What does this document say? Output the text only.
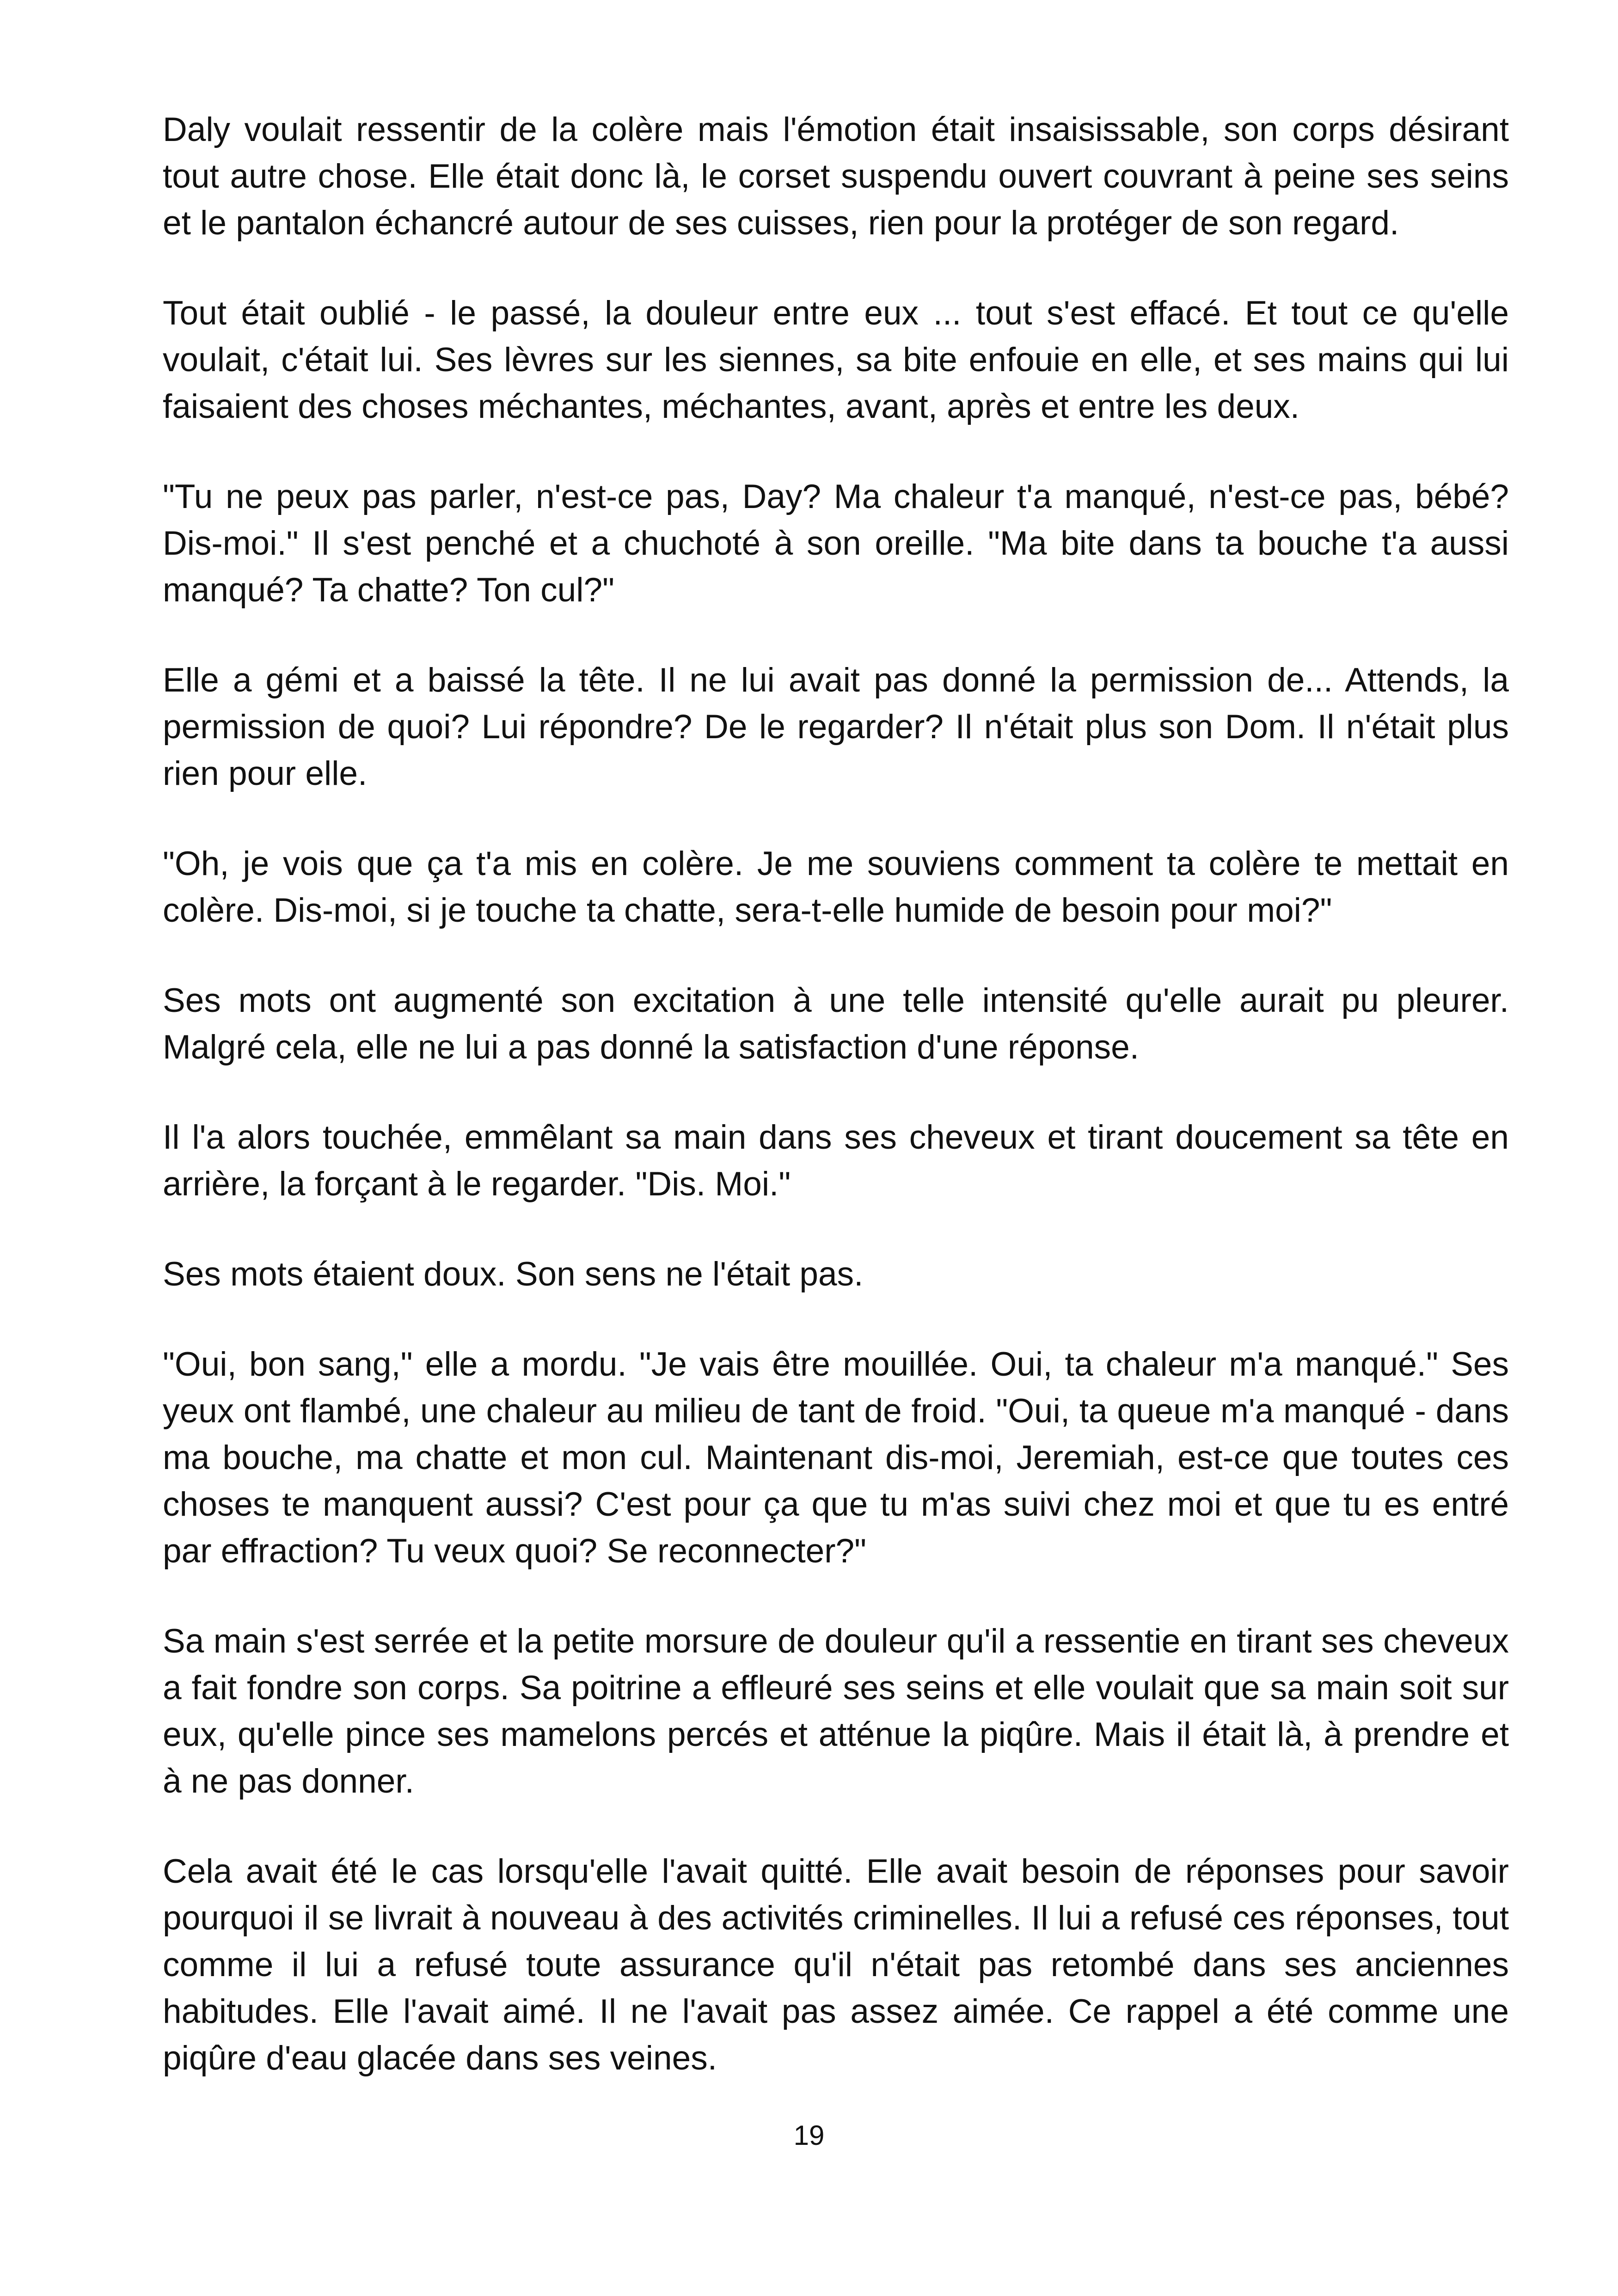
Daly voulait ressentir de la colère mais l'émotion était insaisissable, son corps désirant tout autre chose. Elle était donc là, le corset suspendu ouvert couvrant à peine ses seins et le pantalon échancré autour de ses cuisses, rien pour la protéger de son regard.

Tout était oublié - le passé, la douleur entre eux ... tout s'est effacé. Et tout ce qu'elle voulait, c'était lui. Ses lèvres sur les siennes, sa bite enfouie en elle, et ses mains qui lui faisaient des choses méchantes, méchantes, avant, après et entre les deux.

"Tu ne peux pas parler, n'est-ce pas, Day? Ma chaleur t'a manqué, n'est-ce pas, bébé? Dis-moi." Il s'est penché et a chuchoté à son oreille. "Ma bite dans ta bouche t'a aussi manqué? Ta chatte? Ton cul?"

Elle a gémi et a baissé la tête. Il ne lui avait pas donné la permission de... Attends, la permission de quoi? Lui répondre? De le regarder? Il n'était plus son Dom. Il n'était plus rien pour elle.

"Oh, je vois que ça t'a mis en colère. Je me souviens comment ta colère te mettait en colère. Dis-moi, si je touche ta chatte, sera-t-elle humide de besoin pour moi?"

Ses mots ont augmenté son excitation à une telle intensité qu'elle aurait pu pleurer. Malgré cela, elle ne lui a pas donné la satisfaction d'une réponse.

Il l'a alors touchée, emmêlant sa main dans ses cheveux et tirant doucement sa tête en arrière, la forçant à le regarder. "Dis. Moi."

Ses mots étaient doux. Son sens ne l'était pas.

"Oui, bon sang," elle a mordu. "Je vais être mouillée. Oui, ta chaleur m'a manqué." Ses yeux ont flambé, une chaleur au milieu de tant de froid. "Oui, ta queue m'a manqué - dans ma bouche, ma chatte et mon cul. Maintenant dis-moi, Jeremiah, est-ce que toutes ces choses te manquent aussi? C'est pour ça que tu m'as suivi chez moi et que tu es entré par effraction? Tu veux quoi? Se reconnecter?"

Sa main s'est serrée et la petite morsure de douleur qu'il a ressentie en tirant ses cheveux a fait fondre son corps. Sa poitrine a effleuré ses seins et elle voulait que sa main soit sur eux, qu'elle pince ses mamelons percés et atténue la piqûre. Mais il était là, à prendre et à ne pas donner.

Cela avait été le cas lorsqu'elle l'avait quitté. Elle avait besoin de réponses pour savoir pourquoi il se livrait à nouveau à des activités criminelles. Il lui a refusé ces réponses, tout comme il lui a refusé toute assurance qu'il n'était pas retombé dans ses anciennes habitudes. Elle l'avait aimé. Il ne l'avait pas assez aimée. Ce rappel a été comme une piqûre d'eau glacée dans ses veines.

19
